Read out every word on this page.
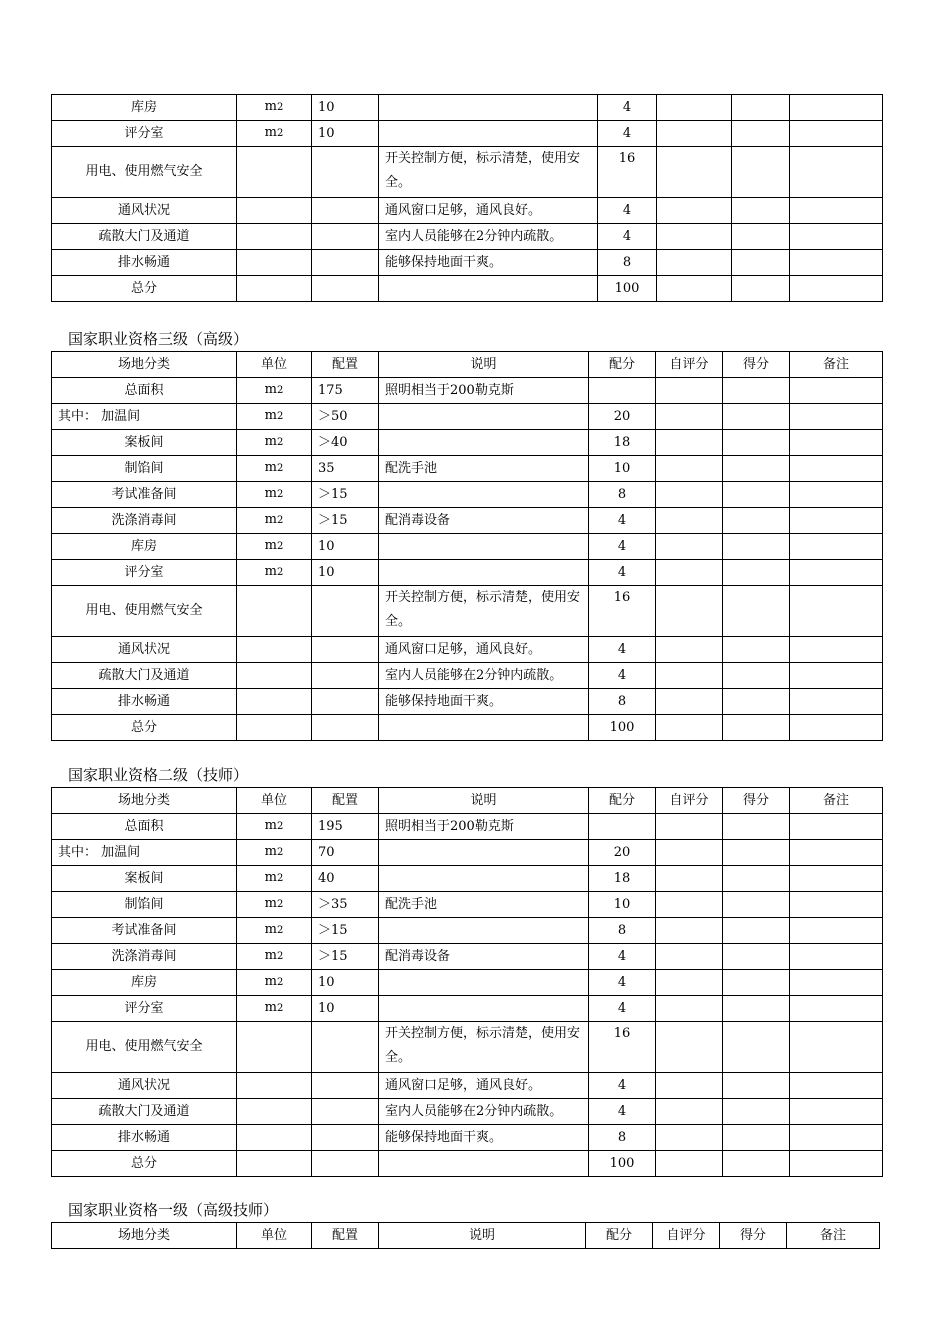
库房	m2	10		4			
评分室	m2	10		4			
用电、使用燃气安全			开关控制方便，标示清楚，使用安全。	16			
通风状况			通风窗口足够，通风良好。	4			
疏散大门及通道			室内人员能够在2分钟内疏散。	4			
排水畅通			能够保持地面干爽。	8			
总分				100			
国家职业资格三级（高级）
场地分类	单位	配置	说明	配分	自评分	得分	备注
总面积	m2	175	照明相当于200勒克斯				
其中： 加温间	m2	＞50		20			
案板间	m2	＞40		18			
制馅间	m2	35	配洗手池	10			
考试准备间	m2	＞15		8			
洗涤消毒间	m2	＞15	配消毒设备	4			
库房	m2	10		4			
评分室	m2	10		4			
用电、使用燃气安全			开关控制方便，标示清楚，使用安全。	16			
通风状况			通风窗口足够，通风良好。	4			
疏散大门及通道			室内人员能够在2分钟内疏散。	4			
排水畅通			能够保持地面干爽。	8			
总分				100			
国家职业资格二级（技师）
场地分类	单位	配置	说明	配分	自评分	得分	备注
总面积	m2	195	照明相当于200勒克斯				
其中： 加温间	m2	70		20			
案板间	m2	40		18			
制馅间	m2	＞35	配洗手池	10			
考试准备间	m2	＞15		8			
洗涤消毒间	m2	＞15	配消毒设备	4			
库房	m2	10		4			
评分室	m2	10		4			
用电、使用燃气安全			开关控制方便，标示清楚，使用安全。	16			
通风状况			通风窗口足够，通风良好。	4			
疏散大门及通道			室内人员能够在2分钟内疏散。	4			
排水畅通			能够保持地面干爽。	8			
总分				100			
国家职业资格一级（高级技师）
场地分类	单位	配置	说明	配分	自评分	得分	备注
